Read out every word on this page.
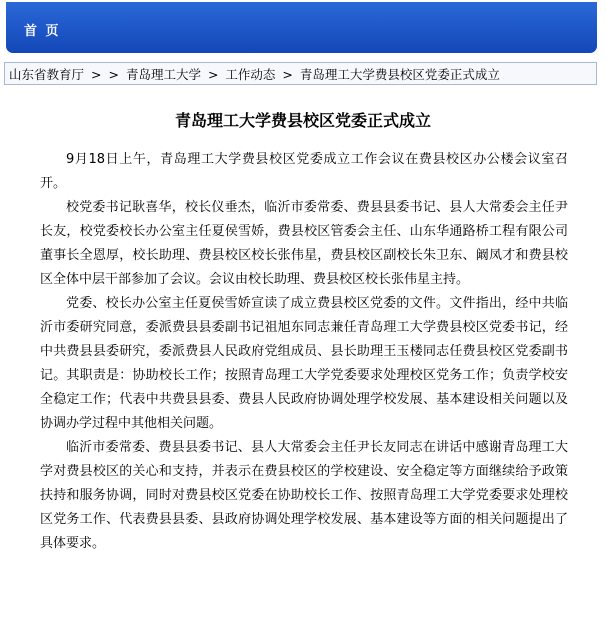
首 页
山东省教育厅 > > 青岛理工大学 > 工作动态 > 青岛理工大学费县校区党委正式成立
青岛理工大学费县校区党委正式成立

9月18日上午，青岛理工大学费县校区党委成立工作会议在费县校区办公楼会议室召开。

校党委书记耿喜华，校长仪垂杰，临沂市委常委、费县县委书记、县人大常委会主任尹长友，校党委校长办公室主任夏侯雪娇，费县校区管委会主任、山东华通路桥工程有限公司董事长全恩厚，校长助理、费县校区校长张伟星，费县校区副校长朱卫东、阚凤才和费县校区全体中层干部参加了会议。会议由校长助理、费县校区校长张伟星主持。

党委、校长办公室主任夏侯雪娇宣读了成立费县校区党委的文件。文件指出，经中共临沂市委研究同意，委派费县县委副书记祖旭东同志兼任青岛理工大学费县校区党委书记，经中共费县县委研究，委派费县人民政府党组成员、县长助理王玉楼同志任费县校区党委副书记。其职责是：协助校长工作；按照青岛理工大学党委要求处理校区党务工作；负责学校安全稳定工作；代表中共费县县委、费县人民政府协调处理学校发展、基本建设相关问题以及协调办学过程中其他相关问题。

临沂市委常委、费县县委书记、县人大常委会主任尹长友同志在讲话中感谢青岛理工大学对费县校区的关心和支持，并表示在费县校区的学校建设、安全稳定等方面继续给予政策扶持和服务协调，同时对费县校区党委在协助校长工作、按照青岛理工大学党委要求处理校区党务工作、代表费县县委、县政府协调处理学校发展、基本建设等方面的相关问题提出了具体要求。
